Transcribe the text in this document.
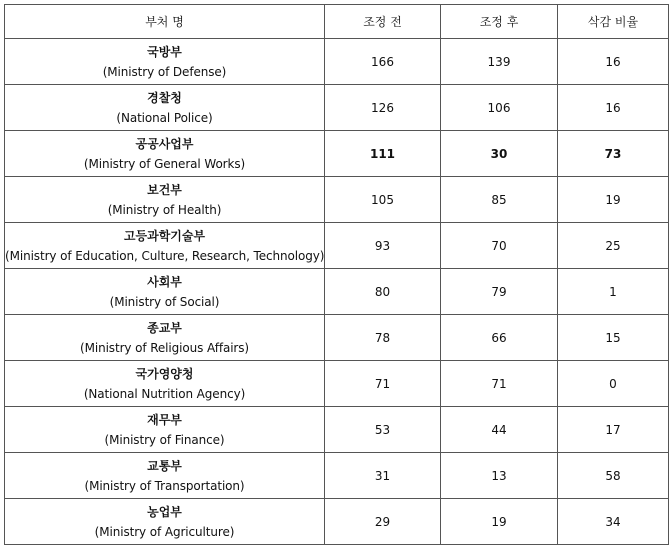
부처 명	조정 전	조정 후	삭감 비율

국방부
(Ministry of Defense)	166	139	16

경찰청
(National Police)	126	106	16

공공사업부
(Ministry of General Works)	111	30	73

보건부
(Ministry of Health)	105	85	19

고등과학기술부
(Ministry of Education, Culture, Research, Technology)	93	70	25

사회부
(Ministry of Social)	80	79	1

종교부
(Ministry of Religious Affairs)	78	66	15

국가영양청
(National Nutrition Agency)	71	71	0

재무부
(Ministry of Finance)	53	44	17

교통부
(Ministry of Transportation)	31	13	58

농업부
(Ministry of Agriculture)	29	19	34
